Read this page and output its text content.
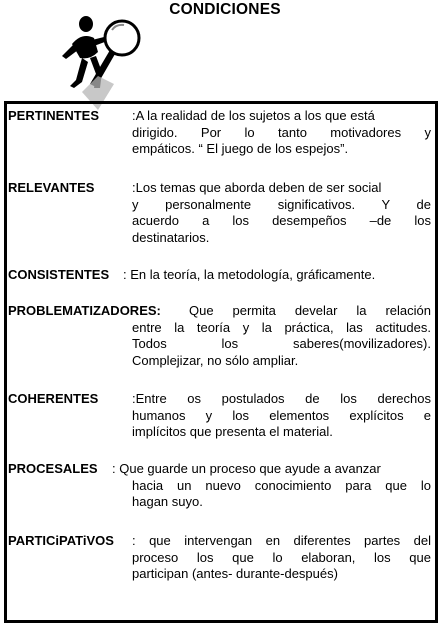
CONDICIONES
PERTINENTES	:A la realidad de los sujetos a los que está
dirigido. Por lo tanto motivadores y
empáticos. “ El juego de los espejos”.
RELEVANTES	:Los temas que aborda deben de ser social
y personalmente significativos. Y de
acuerdo a los desempeños –de los
destinatarios.
CONSISTENTES : En la teoría, la metodología, gráficamente.
PROBLEMATIZADORES: Que permita develar la relación
entre la teoría y la práctica, las actitudes.
Todos los saberes(movilizadores).
Complejizar, no sólo ampliar.
COHERENTES	:Entre os postulados de los derechos
humanos y los elementos explícitos e
implícitos que presenta el material.
PROCESALES : Que guarde un proceso que ayude a avanzar
hacia un nuevo conocimiento para que lo
hagan suyo.
PARTICiPATiVOS : que intervengan en diferentes partes del
proceso los que lo elaboran, los que
participan (antes- durante-después)
